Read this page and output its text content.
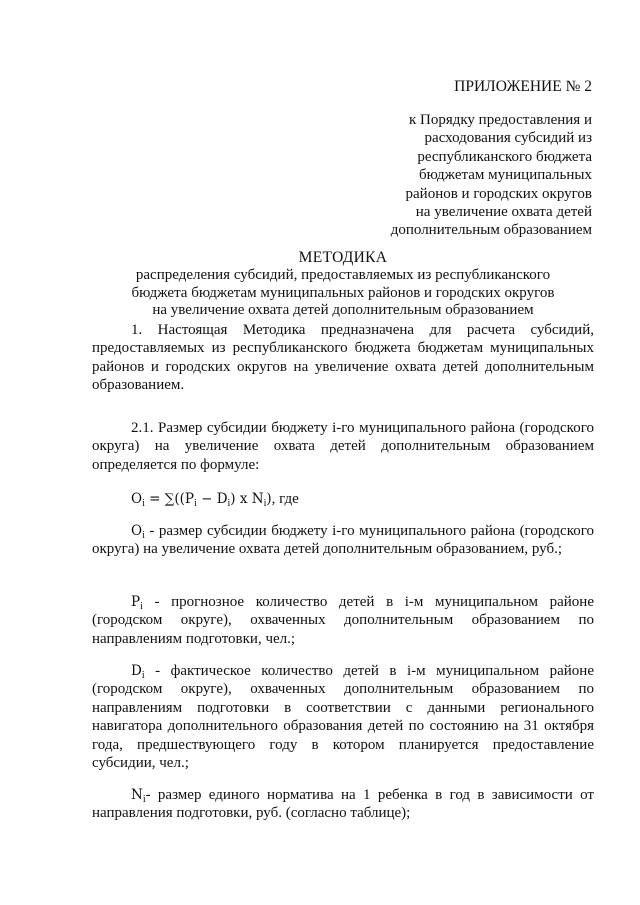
ПРИЛОЖЕНИЕ № 2
к Порядку предоставления и
расходования субсидий из
республиканского бюджета
бюджетам муниципальных
районов и городских округов
на увеличение охвата детей
дополнительным образованием
МЕТОДИКА
распределения субсидий, предоставляемых из республиканского
бюджета бюджетам муниципальных районов и городских округов
на увеличение охвата детей дополнительным образованием

1. Настоящая Методика предназначена для расчета субсидий, предоставляемых из республиканского бюджета бюджетам муниципальных районов и городских округов на увеличение охвата детей дополнительным образованием.

2.1. Размер субсидии бюджету i-го муниципального района (городского округа) на увеличение охвата детей дополнительным образованием определяется по формуле:

$O_i = \sum((P_i - D_i)$ x $N_i$), где

$O_i$ - размер субсидии бюджету i-го муниципального района (городского округа) на увеличение охвата детей дополнительным образованием, руб.;

$P_i$ - прогнозное количество детей в i-м муниципальном районе (городском округе), охваченных дополнительным образованием по направлениям подготовки, чел.;

$D_i$ - фактическое количество детей в i-м муниципальном районе (городском округе), охваченных дополнительным образованием по направлениям подготовки в соответствии с данными регионального навигатора дополнительного образования детей по состоянию на 31 октября года, предшествующего году в котором планируется предоставление субсидии, чел.;

$N_i-$ размер единого норматива на 1 ребенка в год в зависимости от направления подготовки, руб. (согласно таблице);
